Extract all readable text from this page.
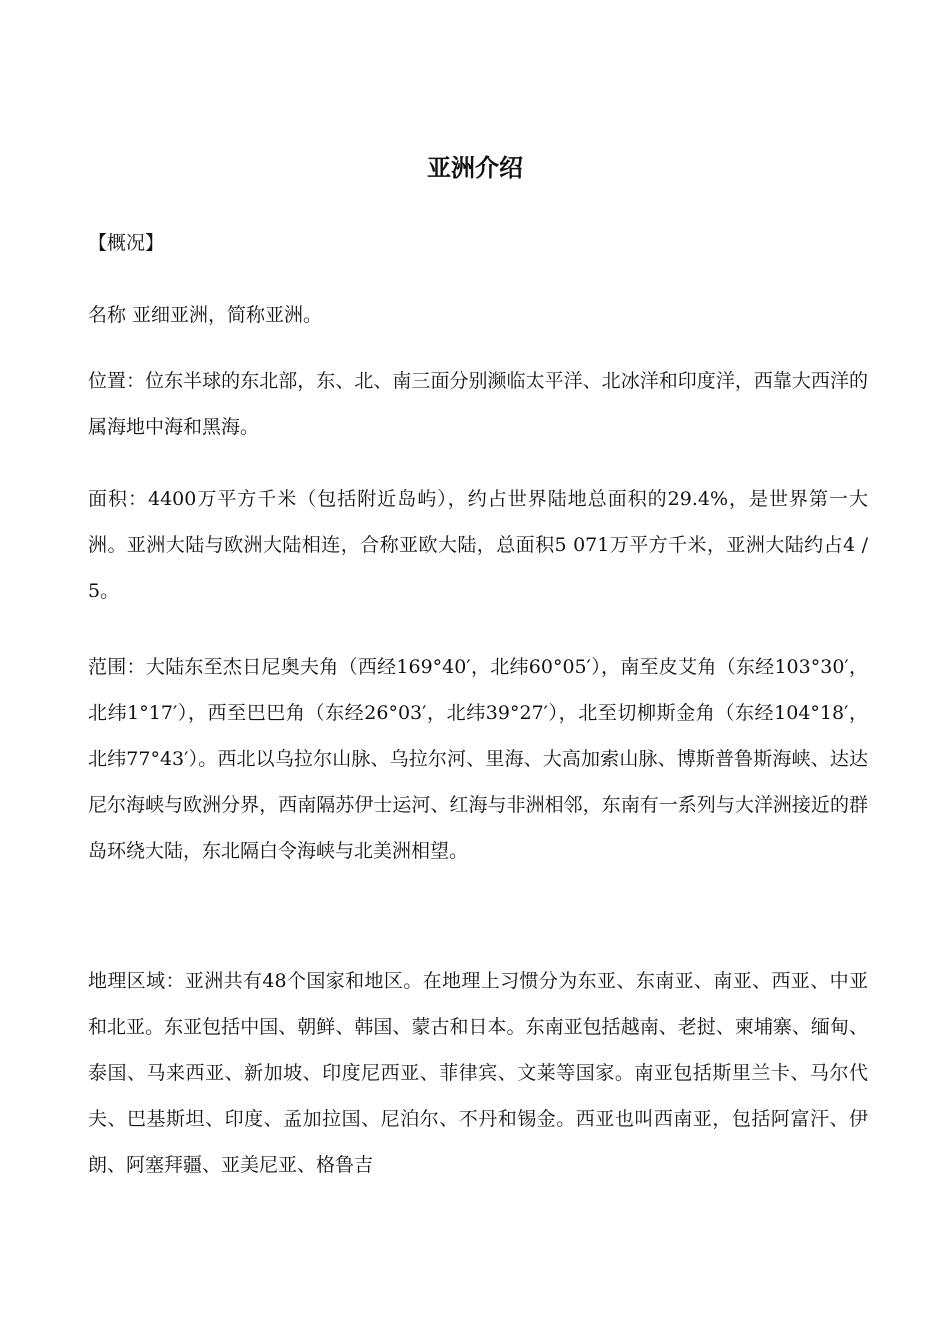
亚洲介绍

【概况】

名称 亚细亚洲，简称亚洲。

位置：位东半球的东北部，东、北、南三面分别濒临太平洋、北冰洋和印度洋，西靠大西洋的属海地中海和黑海。

面积：4400万平方千米（包括附近岛屿），约占世界陆地总面积的29.4%，是世界第一大洲。亚洲大陆与欧洲大陆相连，合称亚欧大陆，总面积5 071万平方千米，亚洲大陆约占4 / 5。

范围：大陆东至杰日尼奥夫角（西经169°40′，北纬60°05′），南至皮艾角（东经103°30′，北纬1°17′），西至巴巴角（东经26°03′，北纬39°27′），北至切柳斯金角（东经104°18′，北纬77°43′）。西北以乌拉尔山脉、乌拉尔河、里海、大高加索山脉、博斯普鲁斯海峡、达达尼尔海峡与欧洲分界，西南隔苏伊士运河、红海与非洲相邻，东南有一系列与大洋洲接近的群岛环绕大陆，东北隔白令海峡与北美洲相望。

地理区域：亚洲共有48个国家和地区。在地理上习惯分为东亚、东南亚、南亚、西亚、中亚和北亚。东亚包括中国、朝鲜、韩国、蒙古和日本。东南亚包括越南、老挝、柬埔寨、缅甸、泰国、马来西亚、新加坡、印度尼西亚、菲律宾、文莱等国家。南亚包括斯里兰卡、马尔代夫、巴基斯坦、印度、孟加拉国、尼泊尔、不丹和锡金。西亚也叫西南亚，包括阿富汗、伊朗、阿塞拜疆、亚美尼亚、格鲁吉
